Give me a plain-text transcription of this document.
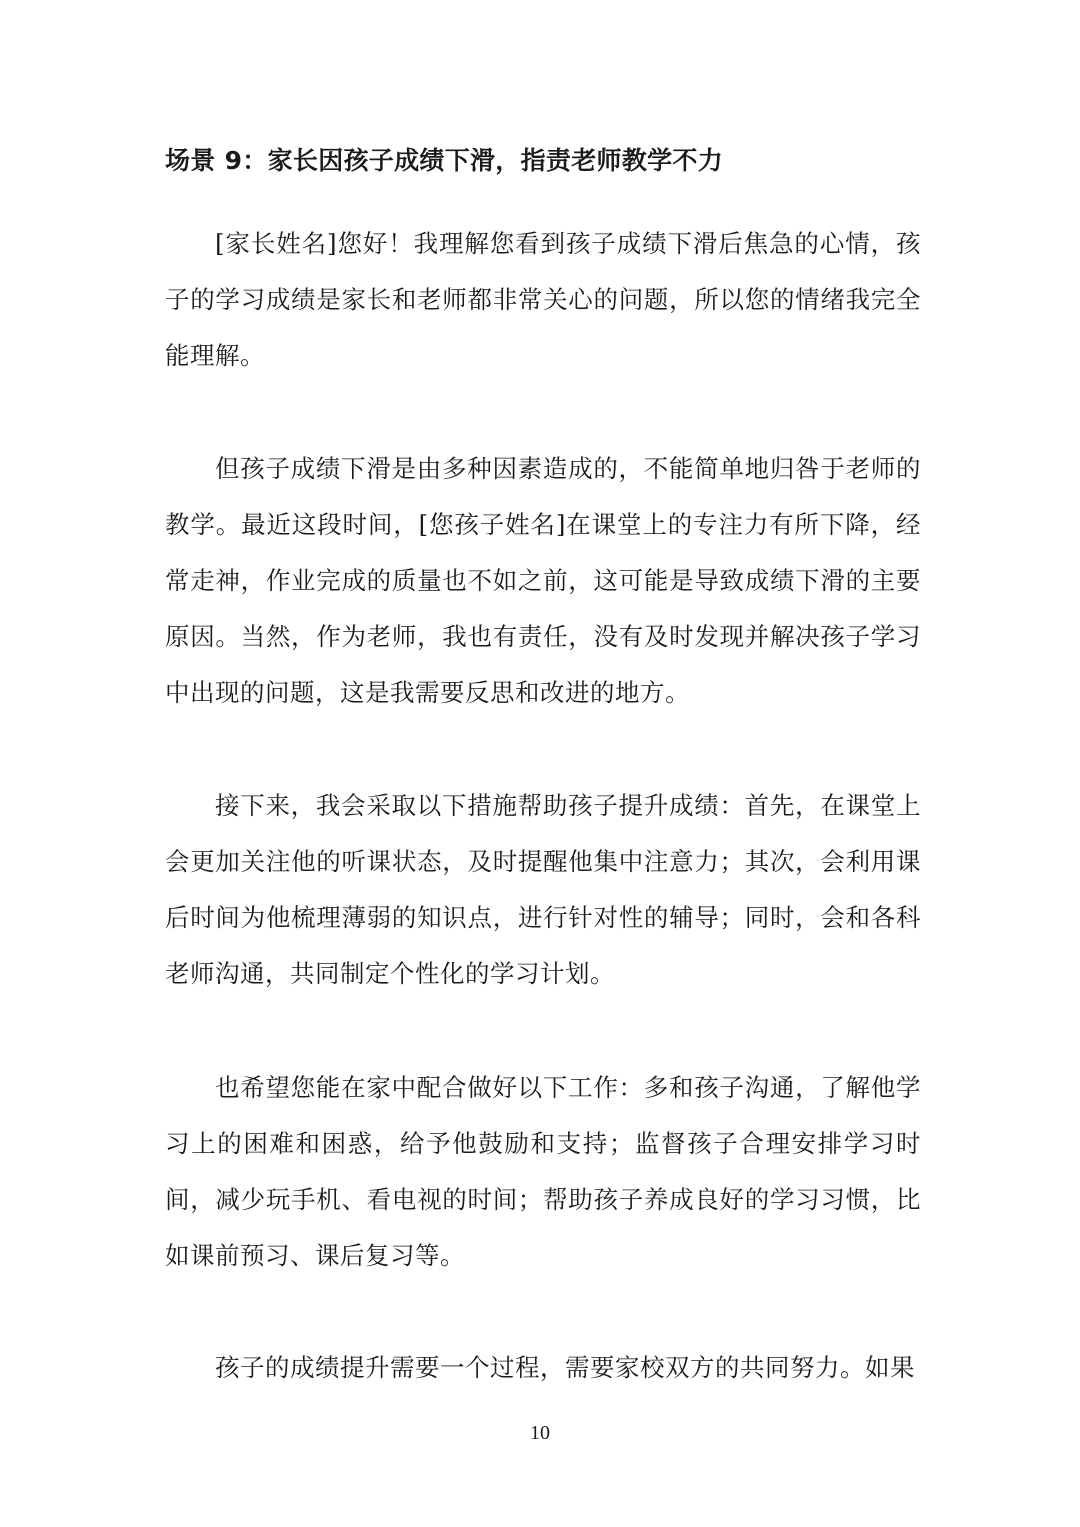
场景 9：家长因孩子成绩下滑，指责老师教学不力

[家长姓名]您好！我理解您看到孩子成绩下滑后焦急的心情，孩子的学习成绩是家长和老师都非常关心的问题，所以您的情绪我完全能理解。

但孩子成绩下滑是由多种因素造成的，不能简单地归咎于老师的教学。最近这段时间，[您孩子姓名]在课堂上的专注力有所下降，经常走神，作业完成的质量也不如之前，这可能是导致成绩下滑的主要原因。当然，作为老师，我也有责任，没有及时发现并解决孩子学习中出现的问题，这是我需要反思和改进的地方。

接下来，我会采取以下措施帮助孩子提升成绩：首先，在课堂上会更加关注他的听课状态，及时提醒他集中注意力；其次，会利用课后时间为他梳理薄弱的知识点，进行针对性的辅导；同时，会和各科老师沟通，共同制定个性化的学习计划。

也希望您能在家中配合做好以下工作：多和孩子沟通，了解他学习上的困难和困惑，给予他鼓励和支持；监督孩子合理安排学习时间，减少玩手机、看电视的时间；帮助孩子养成良好的学习习惯，比如课前预习、课后复习等。

孩子的成绩提升需要一个过程，需要家校双方的共同努力。如果

10
